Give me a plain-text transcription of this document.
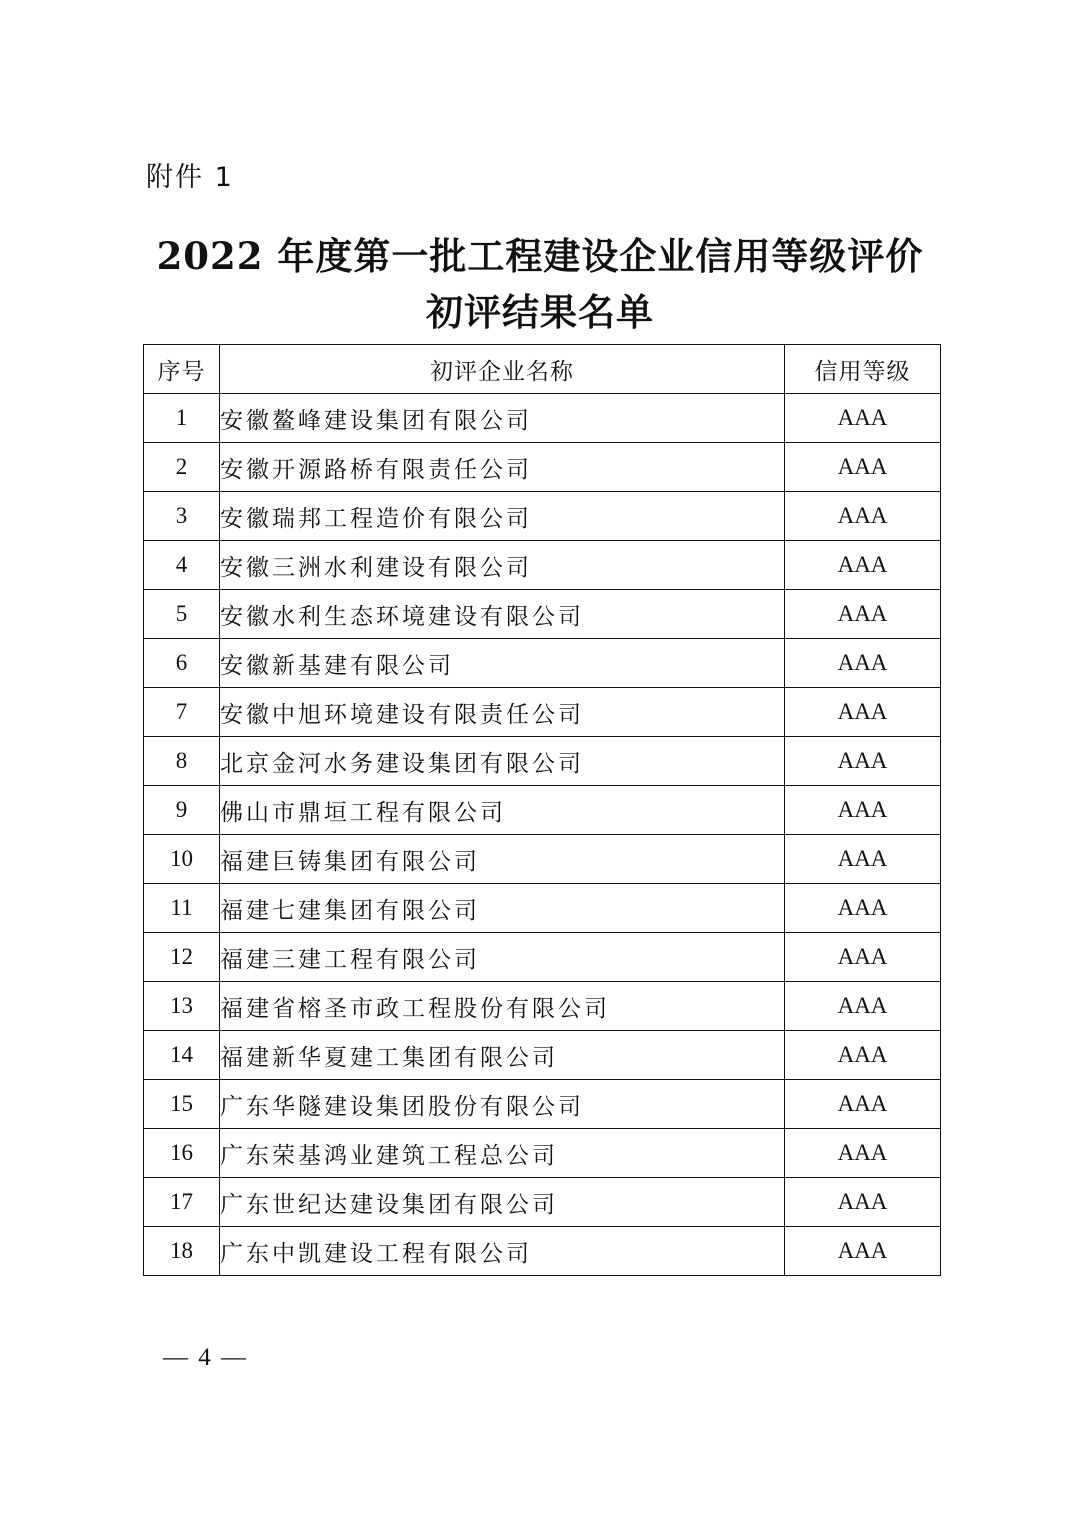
附件 1
2022 年度第一批工程建设企业信用等级评价
初评结果名单
序号	初评企业名称	信用等级
1	安徽鳌峰建设集团有限公司	AAA
2	安徽开源路桥有限责任公司	AAA
3	安徽瑞邦工程造价有限公司	AAA
4	安徽三洲水利建设有限公司	AAA
5	安徽水利生态环境建设有限公司	AAA
6	安徽新基建有限公司	AAA
7	安徽中旭环境建设有限责任公司	AAA
8	北京金河水务建设集团有限公司	AAA
9	佛山市鼎垣工程有限公司	AAA
10	福建巨铸集团有限公司	AAA
11	福建七建集团有限公司	AAA
12	福建三建工程有限公司	AAA
13	福建省榕圣市政工程股份有限公司	AAA
14	福建新华夏建工集团有限公司	AAA
15	广东华隧建设集团股份有限公司	AAA
16	广东荣基鸿业建筑工程总公司	AAA
17	广东世纪达建设集团有限公司	AAA
18	广东中凯建设工程有限公司	AAA
— 4 —
